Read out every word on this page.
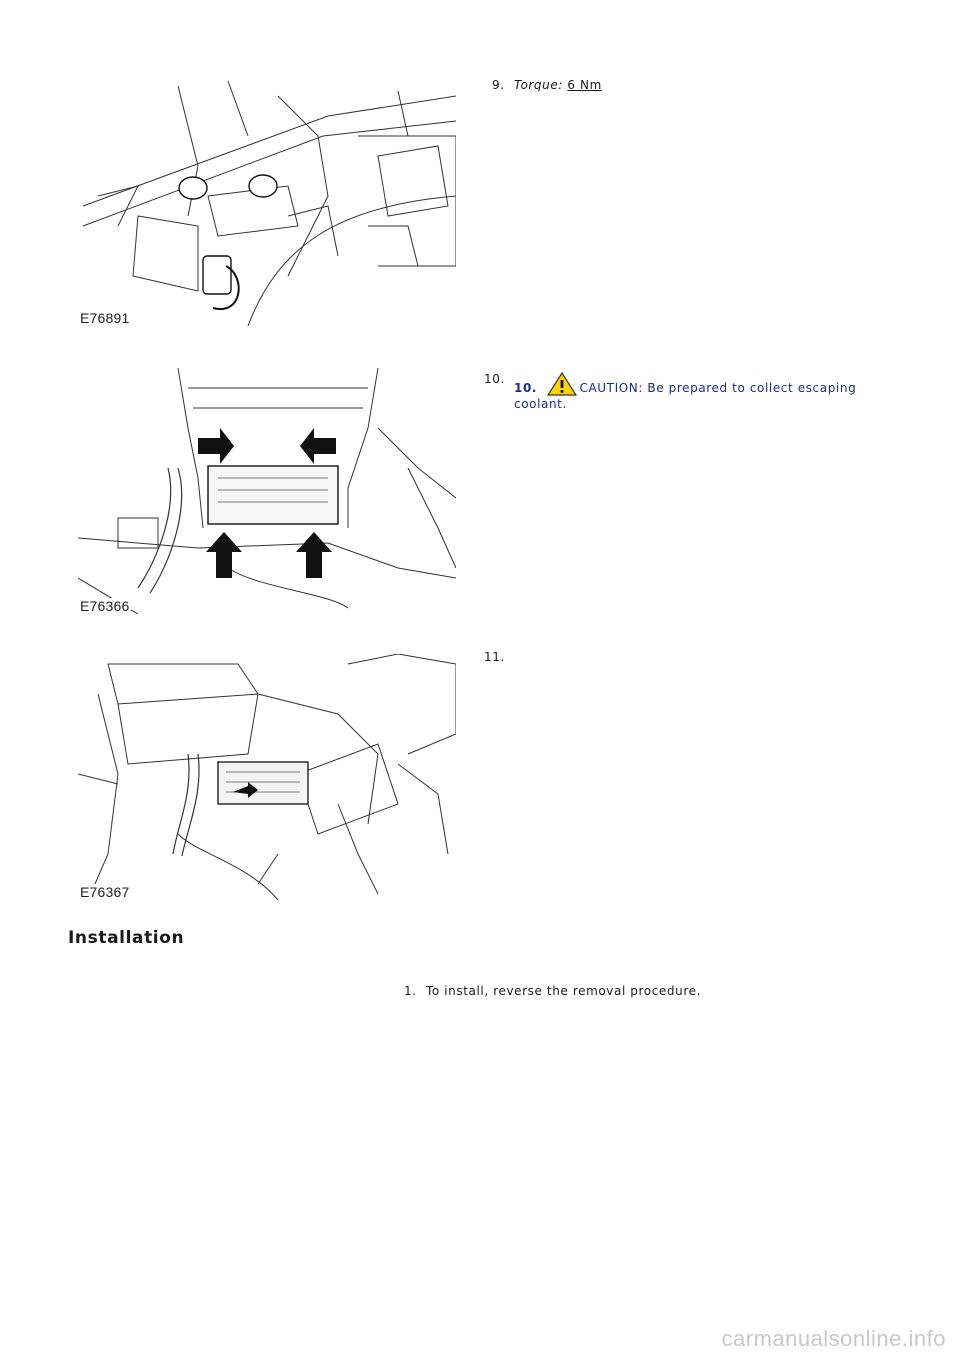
E76891
9. Torque: 6 Nm
E76366
10.
10.	CAUTION: Be prepared to collect escaping
coolant.
E76367
11.
Installation
1. To install, reverse the removal procedure.
carmanualsonline.info
